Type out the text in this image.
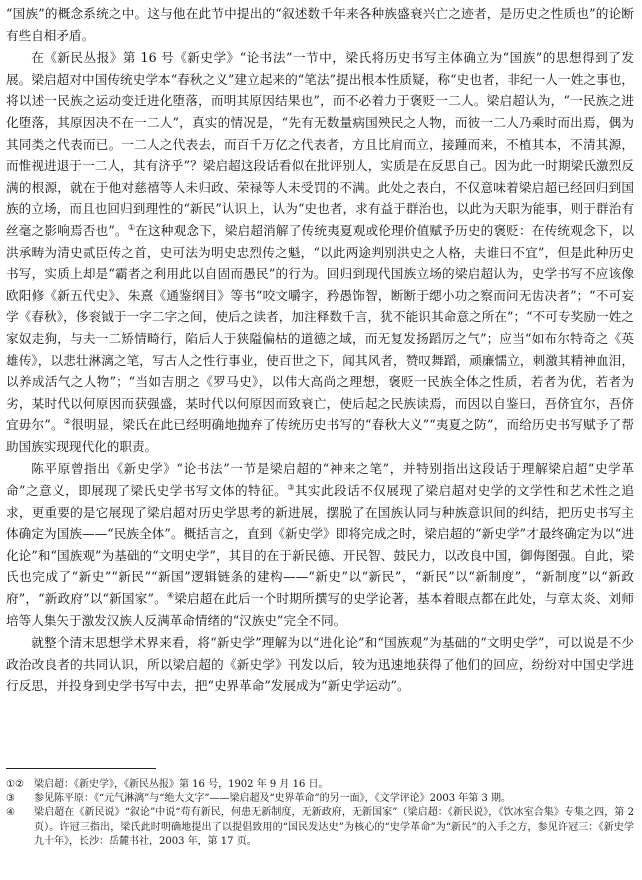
“国族”的概念系统之中。这与他在此节中提出的“叙述数千年来各种族盛衰兴亡之迹者，是历史之性质也”的论断有些自相矛盾。

在《新民丛报》第 16 号《新史学》“论书法”一节中，梁氏将历史书写主体确立为“国族”的思想得到了发展。梁启超对中国传统史学本“春秋之义”建立起来的“笔法”提出根本性质疑，称“史也者，非纪一人一姓之事也，将以述一民族之运动变迁进化堕落，而明其原因结果也”，而不必着力于褒贬一二人。梁启超认为，“一民族之进化堕落，其原因决不在一二人”，真实的情况是，“先有无数量病国殃民之人物，而彼一二人乃乘时而出焉，偶为其同类之代表而已。一二人之代表去，而百千万亿之代表者，方且比肩而立，接踵而来，不植其本，不清其源，而惟视进退于一二人，其有济乎”？梁启超这段话看似在批评别人，实质是在反思自己。因为此一时期梁氏激烈反满的根源，就在于他对慈禧等人未归政、荣禄等人未受罚的不满。此处之表白，不仅意味着梁启超已经回归到国族的立场，而且也回归到理性的“新民”认识上，认为“史也者，求有益于群治也，以此为天职为能事，则于群治有丝毫之影响焉否也”。①在这种观念下，梁启超消解了传统夷夏观或伦理价值赋予历史的褒贬：在传统观念下，以洪承畴为清史贰臣传之首，史可法为明史忠烈传之魁，“以此两途判别洪史之人格，夫谁曰不宜”，但是此种历史书写，实质上却是“霸者之利用此以自固而愚民”的行为。回归到现代国族立场的梁启超认为，史学书写不应该像欧阳修《新五代史》、朱熹《通鉴纲目》等书“咬文嚼字，矜愚饰智，断断于缌小功之察而问无齿决者”；“不可妄学《春秋》，侈衮钺于一字二字之间，使后之读者，加注释数千言，犹不能识其命意之所在”；“不可专奖励一姓之家奴走狗，与夫一二矫情畸行，陷后人于狭隘偏枯的道德之域，而无复发扬蹈厉之气”；应当“如布尔特奇之《英雄传》，以悲壮淋漓之笔，写古人之性行事业，使百世之下，闻其风者，赞叹舞蹈，顽廉懦立，刺激其精神血泪，以养成活气之人物”；“当如吉朋之《罗马史》，以伟大高尚之理想，褒贬一民族全体之性质，若者为优，若者为劣，某时代以何原因而获强盛，某时代以何原因而致衰亡，使后起之民族读焉，而因以自鉴曰，吾侪宜尔，吾侪宜毋尔”。②很明显，梁氏在此已经明确地抛弃了传统历史书写的“春秋大义”“夷夏之防”，而给历史书写赋予了帮助国族实现现代化的职责。

陈平原曾指出《新史学》“论书法”一节是梁启超的“神来之笔”，并特别指出这段话于理解梁启超“史学革命”之意义，即展现了梁氏史学书写文体的特征。③其实此段话不仅展现了梁启超对史学的文学性和艺术性之追求，更重要的是它展现了梁启超对历史学思考的新进展，摆脱了在国族认同与种族意识间的纠结，把历史书写主体确定为国族——“民族全体”。概括言之，直到《新史学》即将完成之时，梁启超的“新史学”才最终确定为以“进化论”和“国族观”为基础的“文明史学”，其目的在于新民德、开民智、鼓民力，以改良中国，御侮图强。自此，梁氏也完成了“新史”“新民”“新国”逻辑链条的建构——“新史”以“新民”，“新民”以“新制度”，“新制度”以“新政府”，“新政府”以“新国家”。④梁启超在此后一个时期所撰写的史学论著，基本着眼点都在此处，与章太炎、刘师培等人集矢于激发汉族人反满革命情绪的“汉族史”完全不同。

就整个清末思想学术界来看，将“新史学”理解为以“进化论”和“国族观”为基础的“文明史学”，可以说是不少政治改良者的共同认识，所以梁启超的《新史学》刊发以后，较为迅速地获得了他们的回应，纷纷对中国史学进行反思，并投身到史学书写中去，把“史界革命”发展成为“新史学运动”。

①②	梁启超：《新史学》，《新民丛报》第 16 号，1902 年 9 月 16 日。
③	参见陈平原：《“元气淋漓”与“绝大文字”——梁启超及“史界革命”的另一面》，《文学评论》2003 年第 3 期。
④	梁启超在《新民说》“叙论”中说“苟有新民，何患无新制度，无新政府，无新国家”（梁启超：《新民说》，《饮冰室合集》专集之四，第 2 页）。许冠三指出，梁氏此时明确地提出了以提倡致用的“国民发达史”为核心的“史学革命”为“新民”的入手之方，参见许冠三：《新史学九十年》，长沙：岳麓书社，2003 年，第 17 页。
